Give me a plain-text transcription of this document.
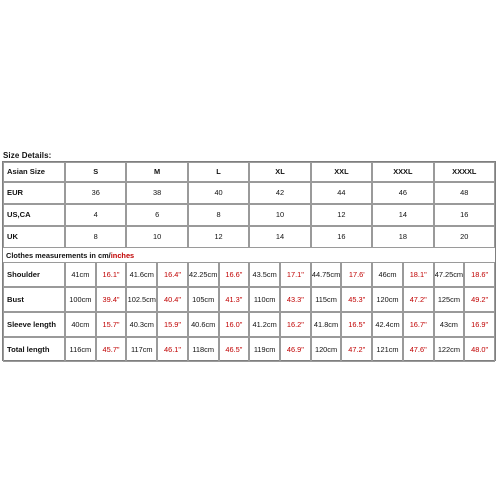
Size Details:
Asian Size	S	M	L	XL	XXL	XXXL	XXXXL
EUR	36	38	40	42	44	46	48
US,CA	4	6	8	10	12	14	16
UK	8	10	12	14	16	18	20
Clothes measurements in cm/inches
Shoulder	41cm	16.1"	41.6cm	16.4"	42.25cm	16.6"	43.5cm	17.1"	44.75cm	17.6'	46cm	18.1"	47.25cm	18.6"
Bust	100cm	39.4"	102.5cm	40.4"	105cm	41.3"	110cm	43.3"	115cm	45.3"	120cm	47.2"	125cm	49.2"
Sleeve length	40cm	15.7"	40.3cm	15.9"	40.6cm	16.0"	41.2cm	16.2"	41.8cm	16.5"	42.4cm	16.7"	43cm	16.9"
Total length	116cm	45.7"	117cm	46.1"	118cm	46.5"	119cm	46.9"	120cm	47.2"	121cm	47.6"	122cm	48.0"
